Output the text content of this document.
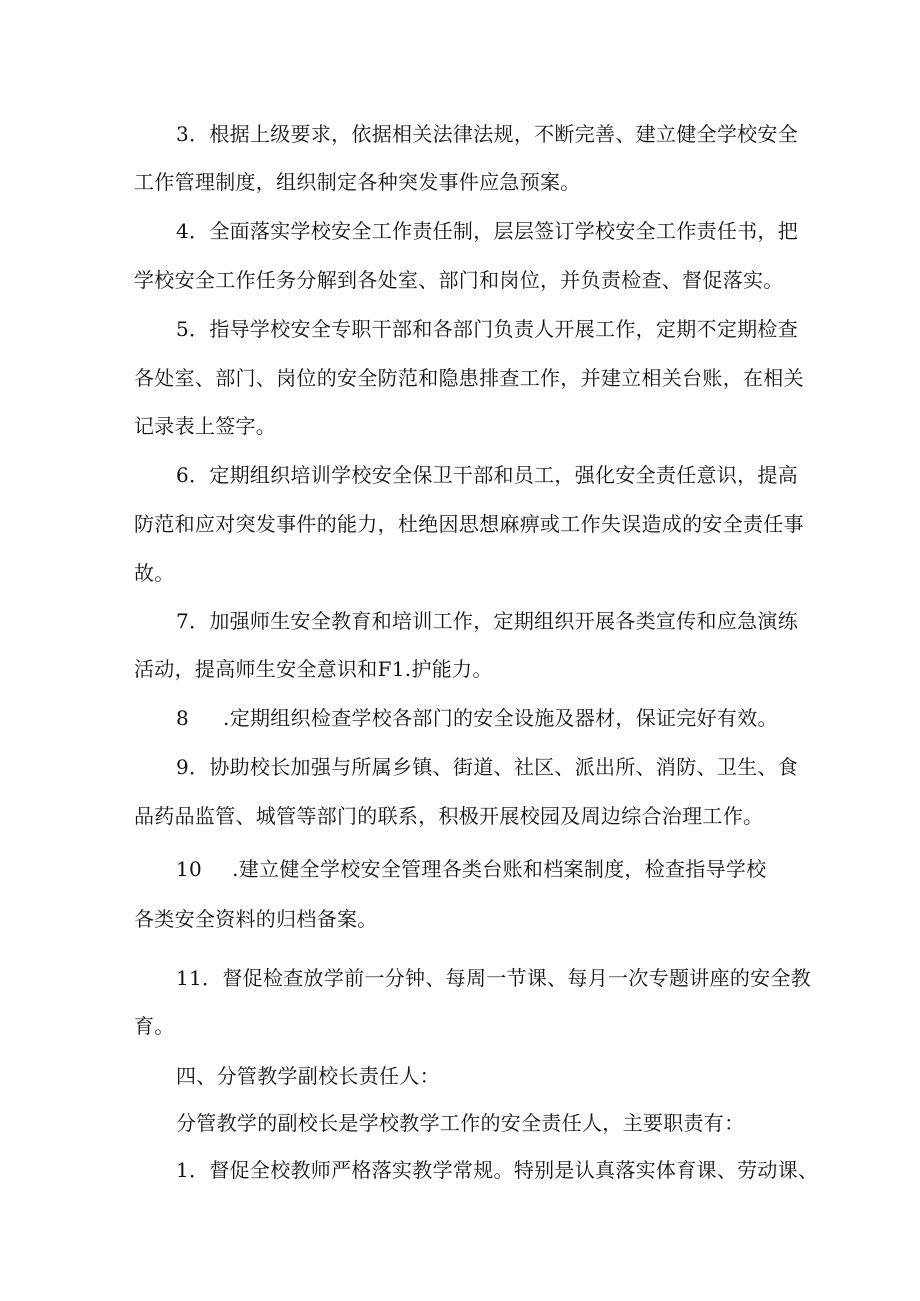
3．根据上级要求，依据相关法律法规，不断完善、建立健全学校安全
工作管理制度，组织制定各种突发事件应急预案。
4．全面落实学校安全工作责任制，层层签订学校安全工作责任书，把
学校安全工作任务分解到各处室、部门和岗位，并负责检查、督促落实。
5．指导学校安全专职干部和各部门负责人开展工作，定期不定期检查
各处室、部门、岗位的安全防范和隐患排查工作，并建立相关台账，在相关
记录表上签字。
6．定期组织培训学校安全保卫干部和员工，强化安全责任意识，提高
防范和应对突发事件的能力，杜绝因思想麻痹或工作失误造成的安全责任事
故。
7．加强师生安全教育和培训工作，定期组织开展各类宣传和应急演练
活动，提高师生安全意识和F1.护能力。
8 .定期组织检查学校各部门的安全设施及器材，保证完好有效。
9．协助校长加强与所属乡镇、街道、社区、派出所、消防、卫生、食
品药品监管、城管等部门的联系，积极开展校园及周边综合治理工作。
10 .建立健全学校安全管理各类台账和档案制度，检查指导学校
各类安全资料的归档备案。
11．督促检查放学前一分钟、每周一节课、每月一次专题讲座的安全教
育。
四、分管教学副校长责任人：
分管教学的副校长是学校教学工作的安全责任人，主要职责有：
1．督促全校教师严格落实教学常规。特别是认真落实体育课、劳动课、
